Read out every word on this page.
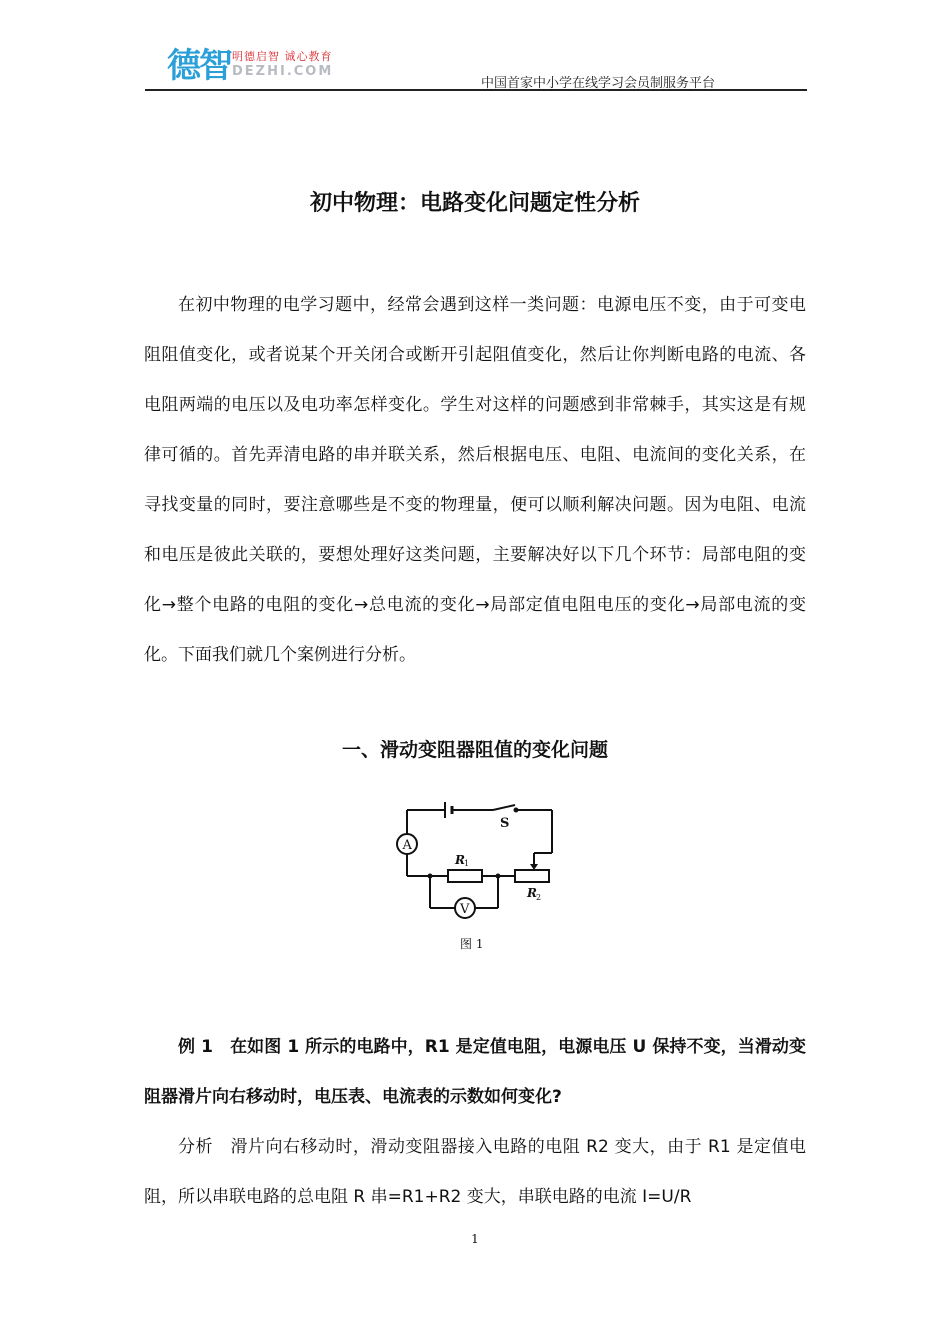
德智 明德启智 诚心教育
DEZHI.COM
中国首家中小学在线学习会员制服务平台
初中物理：电路变化问题定性分析

在初中物理的电学习题中，经常会遇到这样一类问题：电源电压不变，由于可变电阻阻值变化，或者说某个开关闭合或断开引起阻值变化，然后让你判断电路的电流、各电阻两端的电压以及电功率怎样变化。学生对这样的问题感到非常棘手，其实这是有规律可循的。首先弄清电路的串并联关系，然后根据电压、电阻、电流间的变化关系，在寻找变量的同时，要注意哪些是不变的物理量，便可以顺利解决问题。因为电阻、电流和电压是彼此关联的，要想处理好这类问题，主要解决好以下几个环节：局部电阻的变化→整个电路的电阻的变化→总电流的变化→局部定值电阻电压的变化→局部电流的变化。下面我们就几个案例进行分析。

一、滑动变阻器阻值的变化问题
S
A
V
R 1
R 2
图 1

例 1　在如图 1 所示的电路中，R1 是定值电阻，电源电压 U 保持不变，当滑动变阻器滑片向右移动时，电压表、电流表的示数如何变化?

分析　滑片向右移动时，滑动变阻器接入电路的电阻 R2 变大，由于 R1 是定值电阻，所以串联电路的总电阻 R 串=R1+R2 变大，串联电路的电流 I=U/R

1
